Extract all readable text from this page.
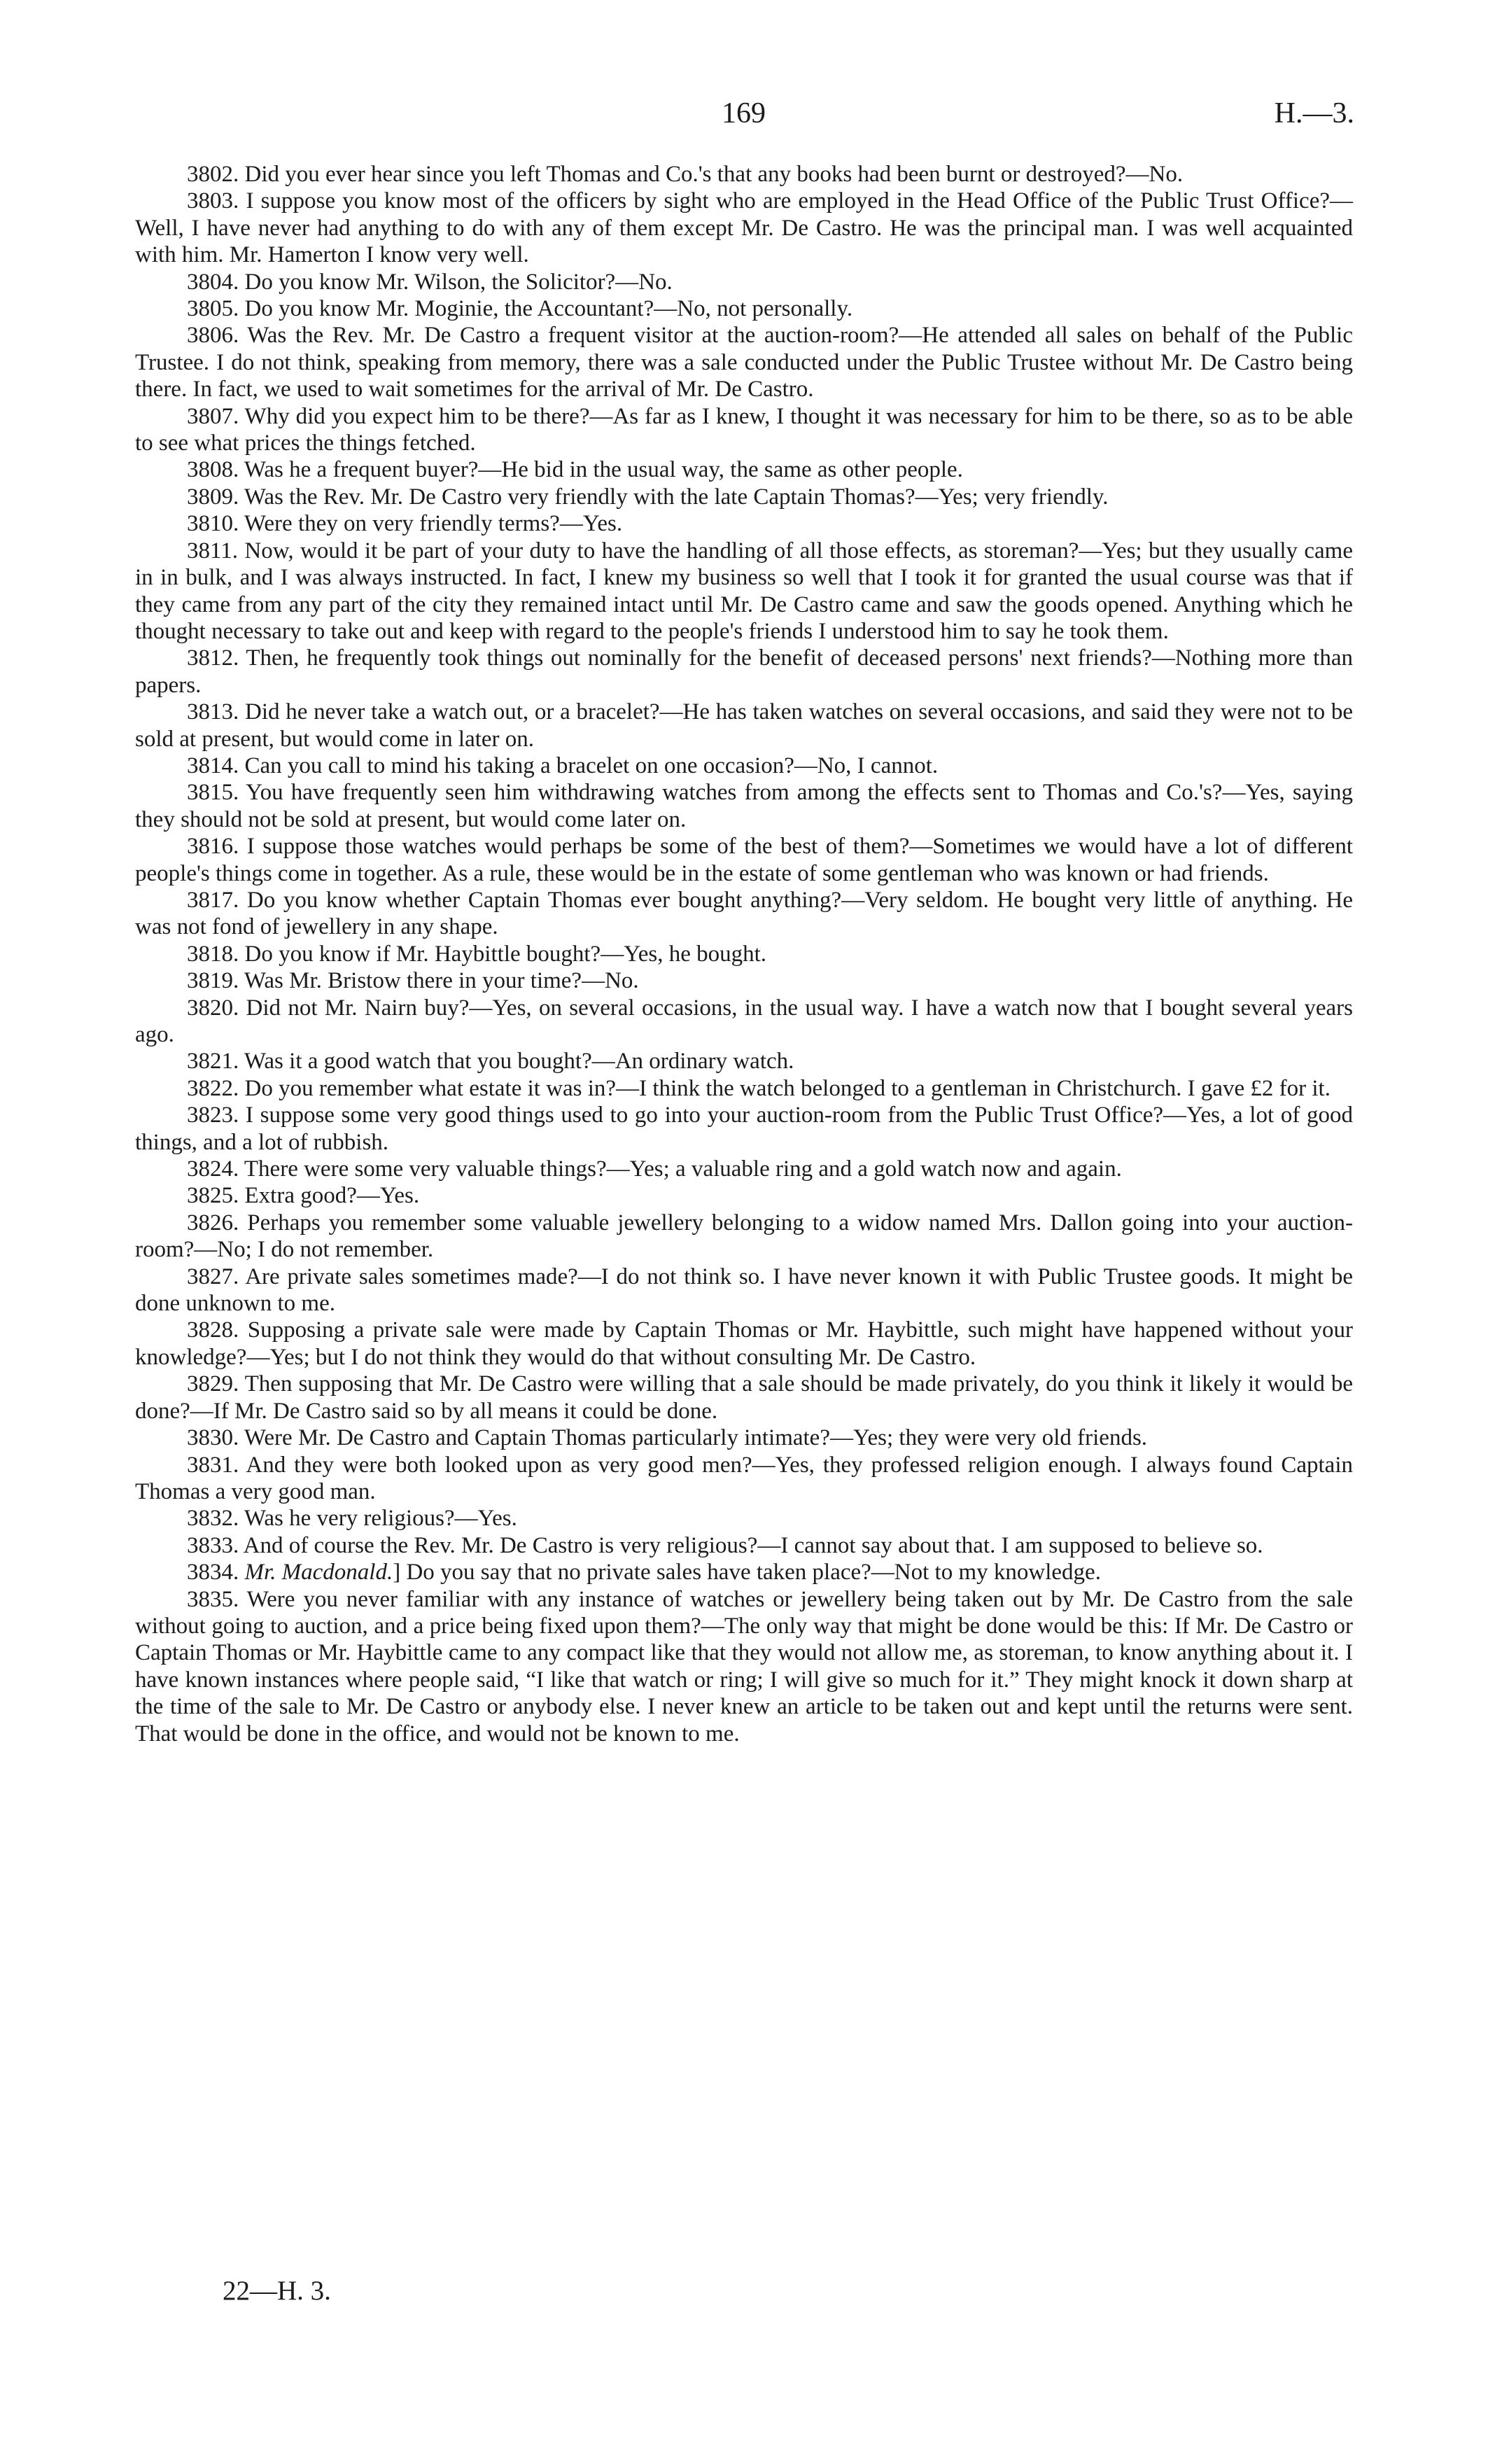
169	H.—3.

3802. Did you ever hear since you left Thomas and Co.'s that any books had been burnt or destroyed?—No.

3803. I suppose you know most of the officers by sight who are employed in the Head Office of the Public Trust Office?—Well, I have never had anything to do with any of them except Mr. De Castro. He was the principal man. I was well acquainted with him. Mr. Hamerton I know very well.

3804. Do you know Mr. Wilson, the Solicitor?—No.

3805. Do you know Mr. Moginie, the Accountant?—No, not personally.

3806. Was the Rev. Mr. De Castro a frequent visitor at the auction-room?—He attended all sales on behalf of the Public Trustee. I do not think, speaking from memory, there was a sale conducted under the Public Trustee without Mr. De Castro being there. In fact, we used to wait sometimes for the arrival of Mr. De Castro.

3807. Why did you expect him to be there?—As far as I knew, I thought it was necessary for him to be there, so as to be able to see what prices the things fetched.

3808. Was he a frequent buyer?—He bid in the usual way, the same as other people.

3809. Was the Rev. Mr. De Castro very friendly with the late Captain Thomas?—Yes; very friendly.

3810. Were they on very friendly terms?—Yes.

3811. Now, would it be part of your duty to have the handling of all those effects, as storeman?—Yes; but they usually came in in bulk, and I was always instructed. In fact, I knew my business so well that I took it for granted the usual course was that if they came from any part of the city they remained intact until Mr. De Castro came and saw the goods opened. Anything which he thought necessary to take out and keep with regard to the people's friends I understood him to say he took them.

3812. Then, he frequently took things out nominally for the benefit of deceased persons' next friends?—Nothing more than papers.

3813. Did he never take a watch out, or a bracelet?—He has taken watches on several occasions, and said they were not to be sold at present, but would come in later on.

3814. Can you call to mind his taking a bracelet on one occasion?—No, I cannot.

3815. You have frequently seen him withdrawing watches from among the effects sent to Thomas and Co.'s?—Yes, saying they should not be sold at present, but would come later on.

3816. I suppose those watches would perhaps be some of the best of them?—Sometimes we would have a lot of different people's things come in together. As a rule, these would be in the estate of some gentleman who was known or had friends.

3817. Do you know whether Captain Thomas ever bought anything?—Very seldom. He bought very little of anything. He was not fond of jewellery in any shape.

3818. Do you know if Mr. Haybittle bought?—Yes, he bought.

3819. Was Mr. Bristow there in your time?—No.

3820. Did not Mr. Nairn buy?—Yes, on several occasions, in the usual way. I have a watch now that I bought several years ago.

3821. Was it a good watch that you bought?—An ordinary watch.

3822. Do you remember what estate it was in?—I think the watch belonged to a gentleman in Christchurch. I gave £2 for it.

3823. I suppose some very good things used to go into your auction-room from the Public Trust Office?—Yes, a lot of good things, and a lot of rubbish.

3824. There were some very valuable things?—Yes; a valuable ring and a gold watch now and again.

3825. Extra good?—Yes.

3826. Perhaps you remember some valuable jewellery belonging to a widow named Mrs. Dallon going into your auction-room?—No; I do not remember.

3827. Are private sales sometimes made?—I do not think so. I have never known it with Public Trustee goods. It might be done unknown to me.

3828. Supposing a private sale were made by Captain Thomas or Mr. Haybittle, such might have happened without your knowledge?—Yes; but I do not think they would do that without consulting Mr. De Castro.

3829. Then supposing that Mr. De Castro were willing that a sale should be made privately, do you think it likely it would be done?—If Mr. De Castro said so by all means it could be done.

3830. Were Mr. De Castro and Captain Thomas particularly intimate?—Yes; they were very old friends.

3831. And they were both looked upon as very good men?—Yes, they professed religion enough. I always found Captain Thomas a very good man.

3832. Was he very religious?—Yes.

3833. And of course the Rev. Mr. De Castro is very religious?—I cannot say about that. I am supposed to believe so.

3834. Mr. Macdonald.] Do you say that no private sales have taken place?—Not to my knowledge.

3835. Were you never familiar with any instance of watches or jewellery being taken out by Mr. De Castro from the sale without going to auction, and a price being fixed upon them?—The only way that might be done would be this: If Mr. De Castro or Captain Thomas or Mr. Haybittle came to any compact like that they would not allow me, as storeman, to know anything about it. I have known instances where people said, “I like that watch or ring; I will give so much for it.” They might knock it down sharp at the time of the sale to Mr. De Castro or anybody else. I never knew an article to be taken out and kept until the returns were sent. That would be done in the office, and would not be known to me.

22—H. 3.
